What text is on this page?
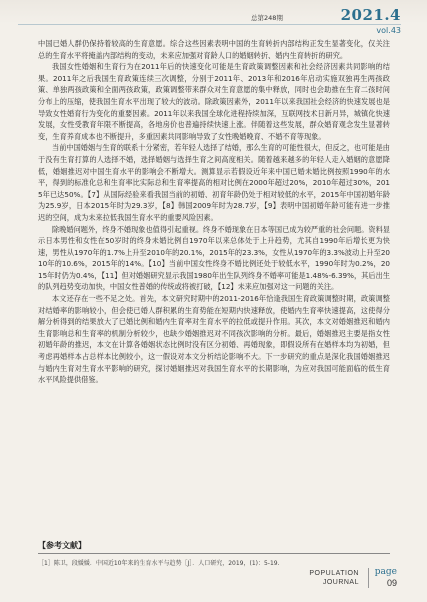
总第248期	2021.4
vol.43

中国已婚人群仍保持着较高的生育意愿。综合这些因素表明中国的生育转折内部结构正发生显著变化，仅关注总的生育水平将掩盖内部结构的变动，未来应加强对育龄人口的婚姻转折、婚内生育转折的研究。

我国女性婚姻和生育行为在2011年后的快速变化可能是生育政策调整因素和社会经济因素共同影响的结果。2011年之后我国生育政策连续三次调整，分别于2011年、2013年和2016年启动实施双独再生两孩政策、单独两孩政策和全面两孩政策，政策调整带来群众对生育意愿的集中释放，同时也会助推在生育二孩时间分布上的压缩，使我国生育水平出现了较大的波动。除政策因素外，2011年以来我国社会经济的快速发展也是导致女性婚育行为变化的重要因素。2011年以来我国全球化进程持续加深，互联网技术日新月异，城镇化快速发展，女性受教育年限不断提高，各地房价也普遍持续快速上涨。伴随着这些发展，群众婚育观念发生显著转变，生育养育成本也不断提升，多重因素共同影响导致了女性晚婚晚育、不婚不育等现象。

当前中国婚姻与生育的联系十分紧密，若年轻人选择了结婚，那么生育的可能性很大，但反之，也可能是由于没有生育打算的人选择不婚，选择婚姻与选择生育之间高度相关。随着越来越多的年轻人走入婚姻的意愿降低，婚姻推迟对中国生育水平的影响会不断增大。测算显示若假设近年来中国已婚未婚比例按照1990年的水平，得到的标准化总和生育率比实际总和生育率提高的相对比例在2000年超过20%，2010年超过30%，2015年已达50%。【7】从国际经验来看我国当前的初婚、初育年龄仍处于相对较低的水平，2015年中国初婚年龄为25.9岁，日本2015年时为29.3岁，【8】韩国2009年时为28.7岁，【9】表明中国初婚年龄可能有进一步推迟的空间，成为未来拉低我国生育水平的重要风险因素。

除晚婚问题外，终身不婚现象也值得引起重视。终身不婚现象在日本等国已成为较严重的社会问题。资料显示日本男性和女性在50岁时的终身未婚比例自1970年以来总体处于上升趋势，尤其自1990年后增长更为快速，男性从1970年的1.7%上升至2010年的20.1%，2015年的23.3%，女性从1970年的3.3%波动上升至2010年的10.6%，2015年的14%。【10】当前中国女性终身不婚比例还处于较低水平，1990年时为0.2%，2015年时仍为0.4%，【11】但对婚姻研究显示我国1980年出生队列终身不婚率可能是1.48%-6.39%，其后出生的队列趋势变动加快，中国女性普婚的传统或将被打破，【12】未来应加强对这一问题的关注。

本文还存在一些不足之处。首先，本文研究时期中的2011-2016年恰逢我国生育政策调整时期，政策调整对结婚率的影响较小，但会使已婚人群积累的生育势能在短期内快速释放，使婚内生育率快速提高，这使得分解分析得到的结果放大了已婚比例和婚内生育率对生育水平的拉低或提升作用。其次，本文对婚姻推迟和婚内生育影响总和生育率的机制分析较少，也缺少婚姻推迟对不同孩次影响的分析。最后，婚姻推迟主要是指女性初婚年龄的推迟，本文在计算各婚姻状态比例时没有区分初婚、再婚现象，即假设所有在婚样本均为初婚，但考虑再婚样本占总样本比例较小，这一假设对本文分析结论影响不大。下一步研究的重点是深化我国婚姻推迟与婚内生育对生育水平影响的研究，探讨婚姻推迟对我国生育水平的长期影响，为应对我国可能面临的低生育水平风险提供借鉴。

【参考文献】
［1］陈卫，段媛媛．中国近10年来的生育水平与趋势［J］．人口研究，2019，(1)：5-19.
POPULATION
JOURNAL
page
09
